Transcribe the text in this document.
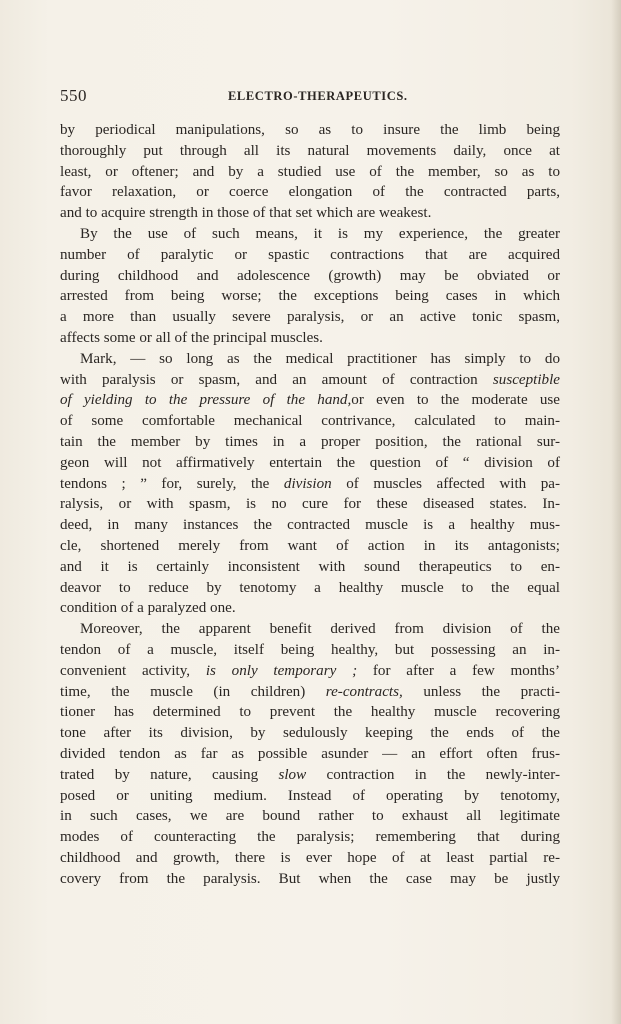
550	ELECTRO-THERAPEUTICS.
by periodical manipulations, so as to insure the limb being
thoroughly put through all its natural movements daily, once at
least, or oftener; and by a studied use of the member, so as to
favor relaxation, or coerce elongation of the contracted parts,
and to acquire strength in those of that set which are weakest.
By the use of such means, it is my experience, the greater
number of paralytic or spastic contractions that are acquired
during childhood and adolescence (growth) may be obviated or
arrested from being worse; the exceptions being cases in which
a more than usually severe paralysis, or an active tonic spasm,
affects some or all of the principal muscles.
Mark, — so long as the medical practitioner has simply to do
with paralysis or spasm, and an amount of contraction susceptible
of yielding to the pressure of the hand,or even to the moderate use
of some comfortable mechanical contrivance, calculated to main-
tain the member by times in a proper position, the rational sur-
geon will not affirmatively entertain the question of “ division of
tendons ; ” for, surely, the division of muscles affected with pa-
ralysis, or with spasm, is no cure for these diseased states. In-
deed, in many instances the contracted muscle is a healthy mus-
cle, shortened merely from want of action in its antagonists;
and it is certainly inconsistent with sound therapeutics to en-
deavor to reduce by tenotomy a healthy muscle to the equal
condition of a paralyzed one.
Moreover, the apparent benefit derived from division of the
tendon of a muscle, itself being healthy, but possessing an in-
convenient activity, is only temporary ; for after a few months’
time, the muscle (in children) re-contracts, unless the practi-
tioner has determined to prevent the healthy muscle recovering
tone after its division, by sedulously keeping the ends of the
divided tendon as far as possible asunder — an effort often frus-
trated by nature, causing slow contraction in the newly-inter-
posed or uniting medium. Instead of operating by tenotomy,
in such cases, we are bound rather to exhaust all legitimate
modes of counteracting the paralysis; remembering that during
childhood and growth, there is ever hope of at least partial re-
covery from the paralysis. But when the case may be justly
